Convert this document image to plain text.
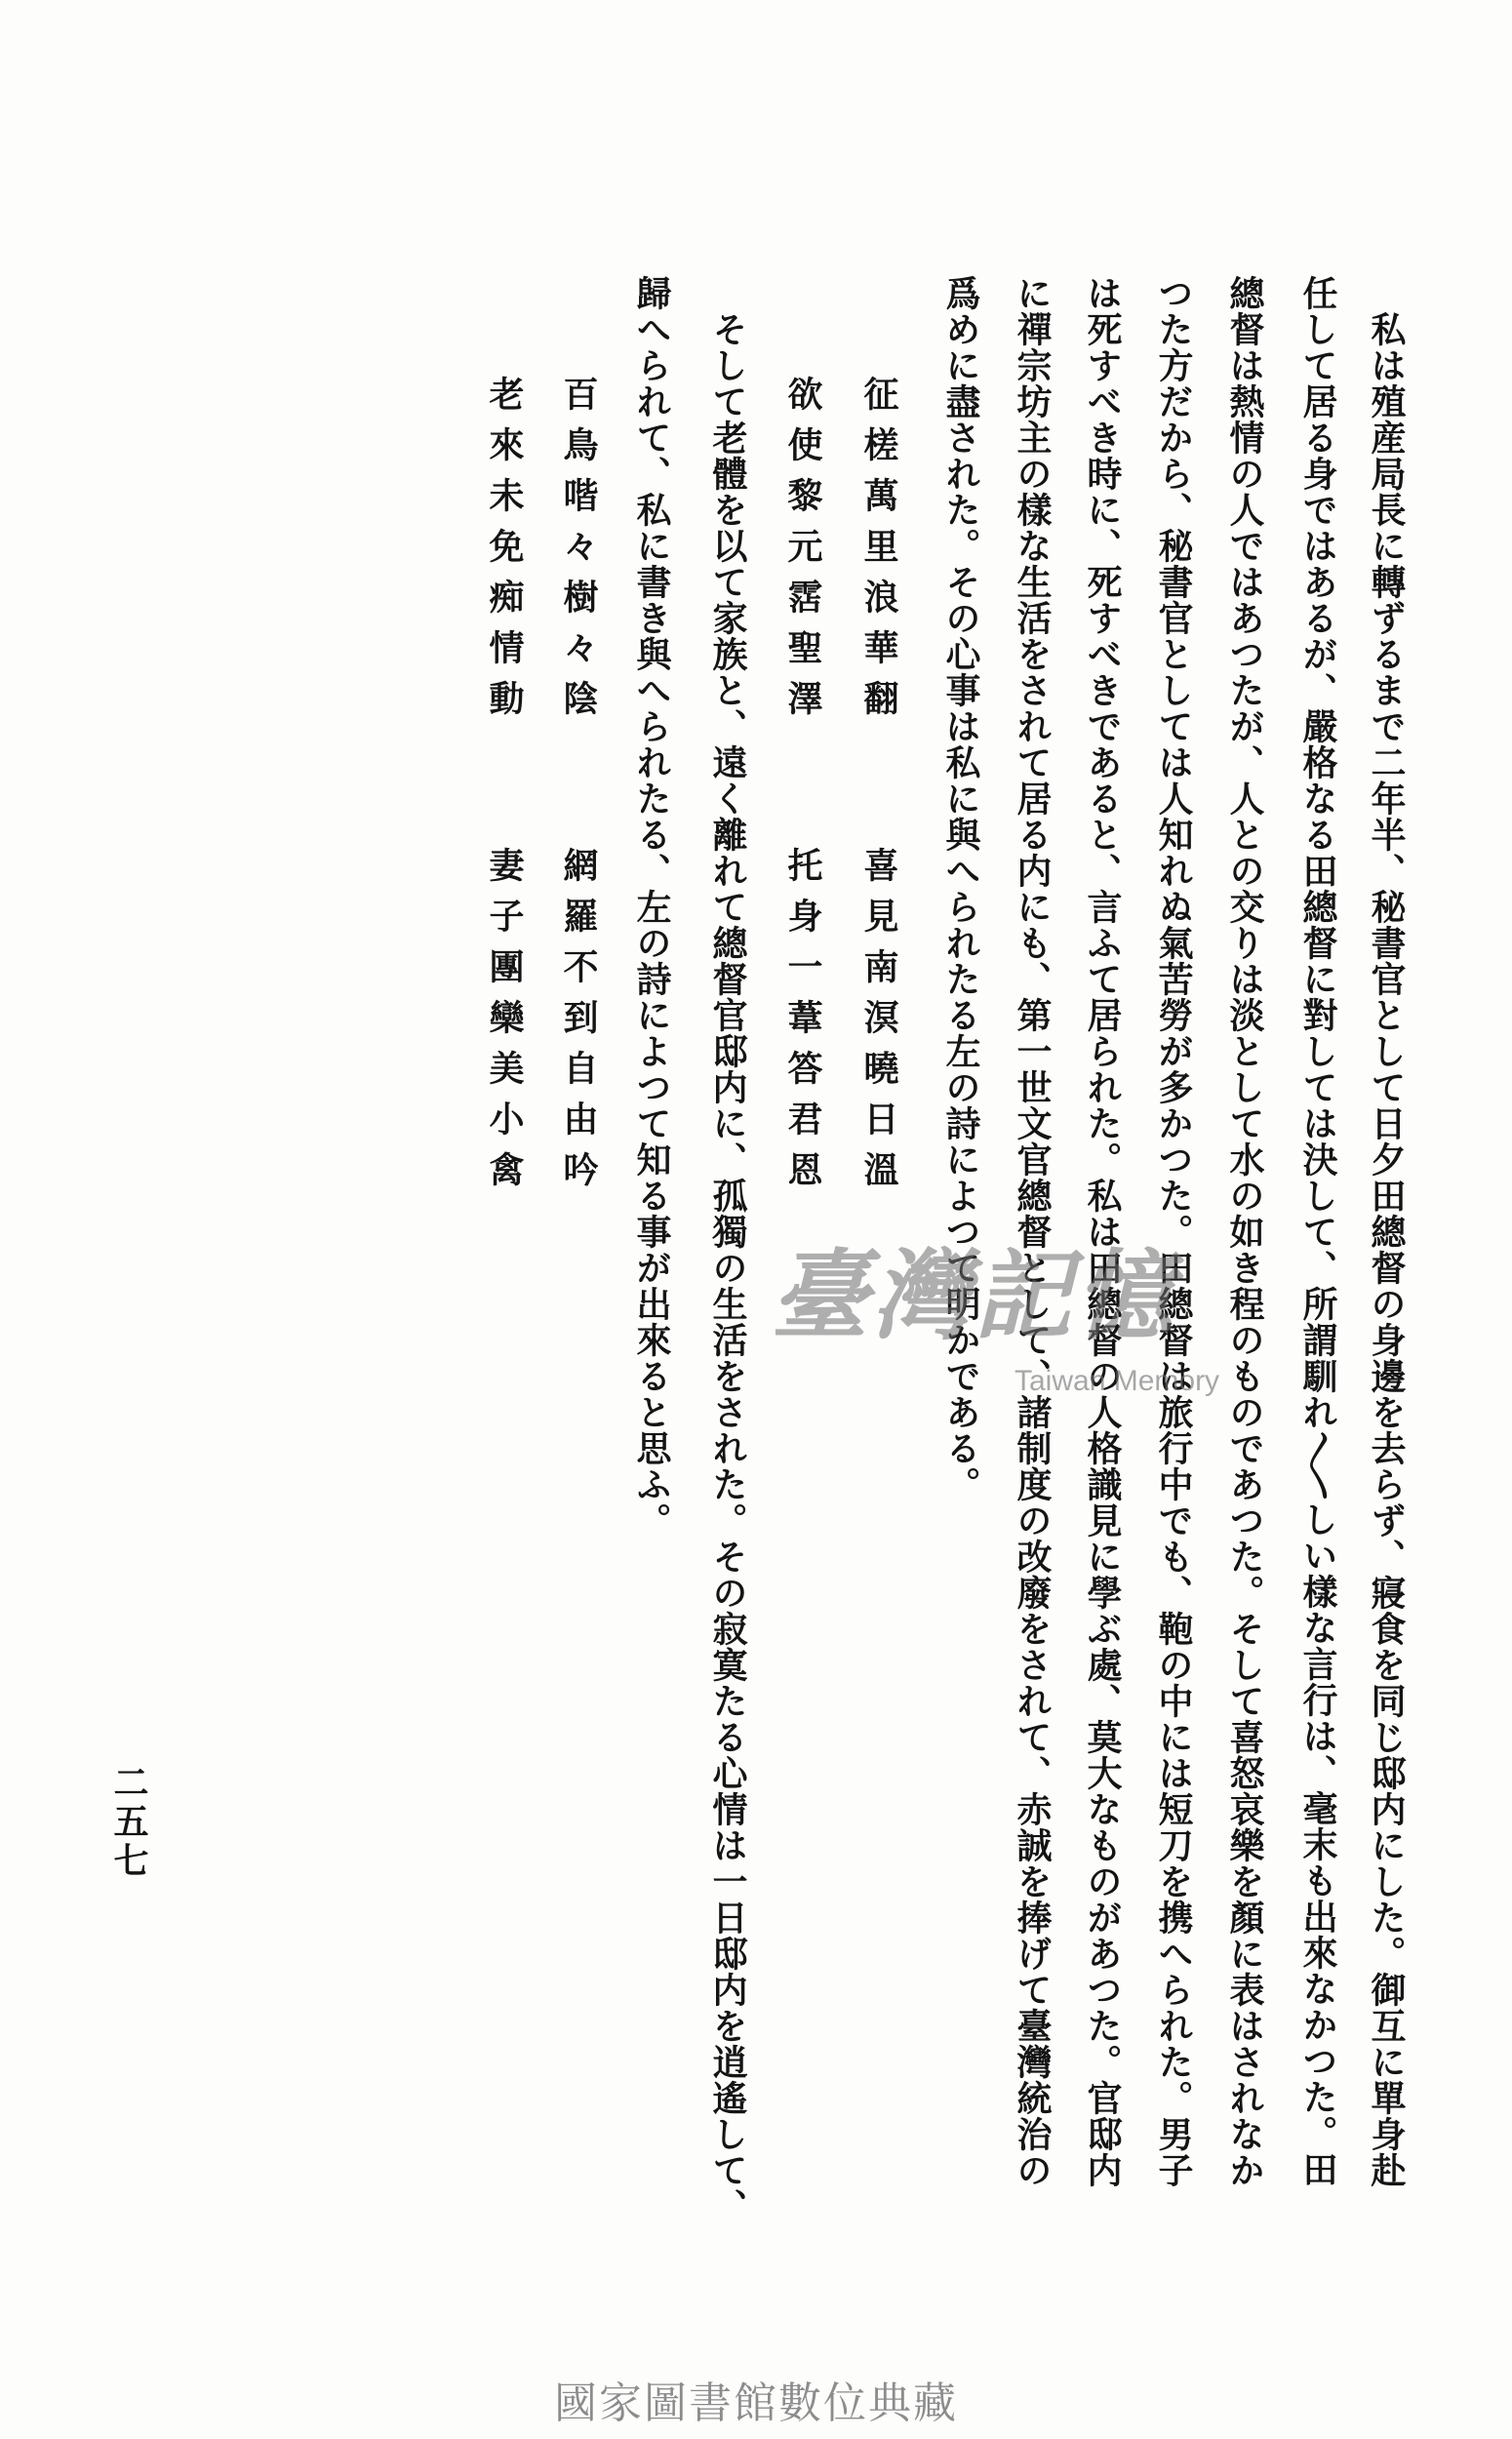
私は殖産局長に轉ずるまで二年半、秘書官として日夕田總督の身邊を去らず、寢食を同じ邸内にした。御互に單身赴
任して居る身ではあるが、嚴格なる田總督に對しては決して、所謂馴れ〳〵しい樣な言行は、毫末も出來なかつた。田
總督は熱情の人ではあつたが、人との交りは淡として水の如き程のものであつた。そして喜怒哀樂を顏に表はされなか
つた方だから、秘書官としては人知れぬ氣苦勞が多かつた。田總督は旅行中でも、鞄の中には短刀を携へられた。男子
は死すべき時に、死すべきであると、言ふて居られた。私は田總督の人格識見に學ぶ處、莫大なものがあつた。官邸内
に禪宗坊主の樣な生活をされて居る内にも、第一世文官總督として、諸制度の改廢をされて、赤誠を捧げて臺灣統治の
爲めに盡された。その心事は私に與へられたる左の詩によつて明かである。
征槎萬里浪華翻
喜見南溟曉日溫
欲使黎元霑聖澤
托身一葦答君恩
そして老體を以て家族と、遠く離れて總督官邸内に、孤獨の生活をされた。その寂寞たる心情は一日邸内を逍遙して、
歸へられて、私に書き與へられたる、左の詩によつて知る事が出來ると思ふ。
百鳥喈々樹々陰
網羅不到自由吟
老來未免痴情動
妻子團欒美小禽
二五七
臺灣記憶
Taiwan Memory
國家圖書館數位典藏
